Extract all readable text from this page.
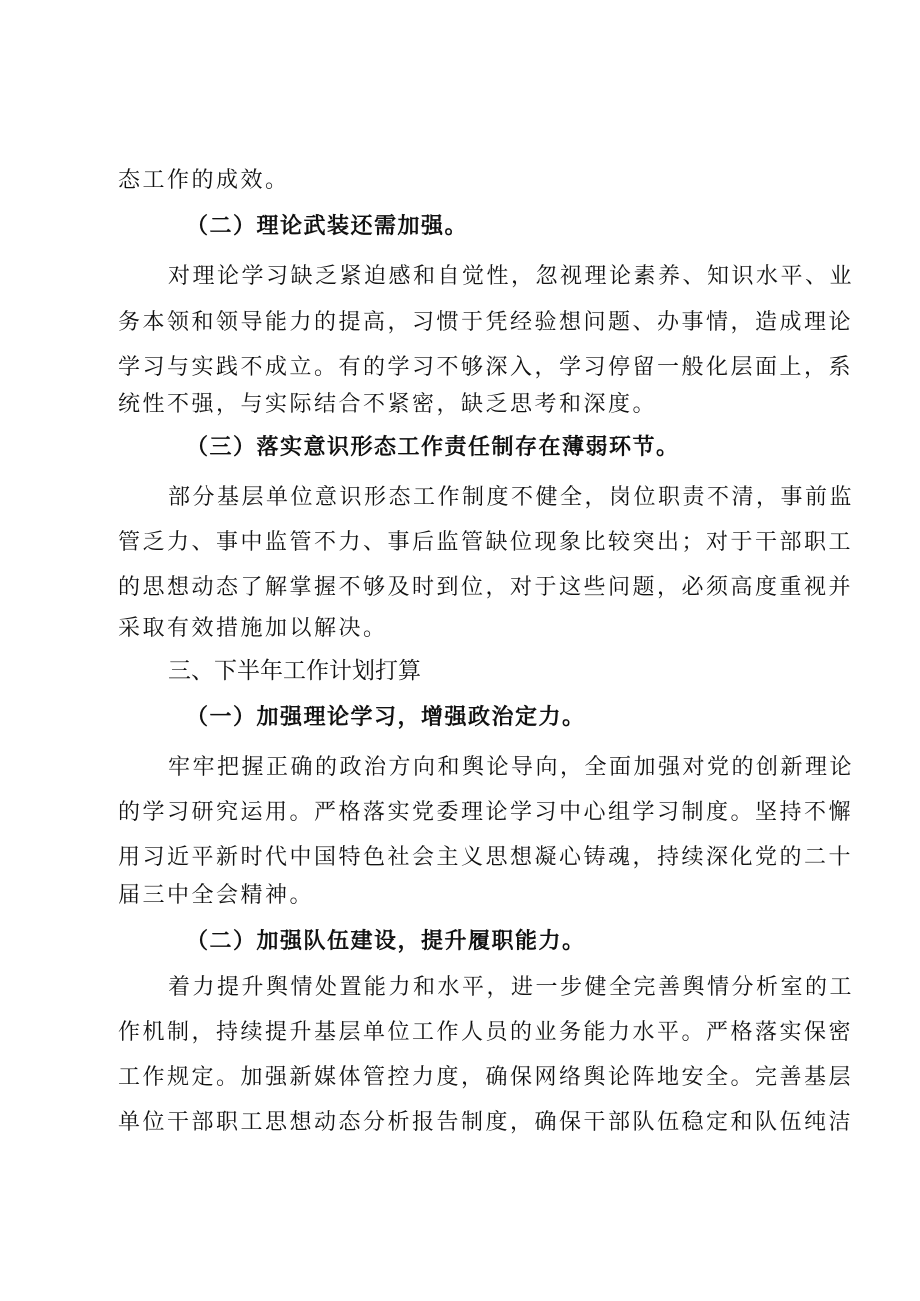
态工作的成效。
（二）理论武装还需加强。
对理论学习缺乏紧迫感和自觉性，忽视理论素养、知识水平、业
务本领和领导能力的提高，习惯于凭经验想问题、办事情，造成理论
学习与实践不成立。有的学习不够深入，学习停留一般化层面上，系
统性不强，与实际结合不紧密，缺乏思考和深度。
（三）落实意识形态工作责任制存在薄弱环节。
部分基层单位意识形态工作制度不健全，岗位职责不清，事前监
管乏力、事中监管不力、事后监管缺位现象比较突出；对于干部职工
的思想动态了解掌握不够及时到位，对于这些问题，必须高度重视并
采取有效措施加以解决。
三、下半年工作计划打算
（一）加强理论学习，增强政治定力。
牢牢把握正确的政治方向和舆论导向，全面加强对党的创新理论
的学习研究运用。严格落实党委理论学习中心组学习制度。坚持不懈
用习近平新时代中国特色社会主义思想凝心铸魂，持续深化党的二十
届三中全会精神。
（二）加强队伍建设，提升履职能力。
着力提升舆情处置能力和水平，进一步健全完善舆情分析室的工
作机制，持续提升基层单位工作人员的业务能力水平。严格落实保密
工作规定。加强新媒体管控力度，确保网络舆论阵地安全。完善基层
单位干部职工思想动态分析报告制度，确保干部队伍稳定和队伍纯洁
